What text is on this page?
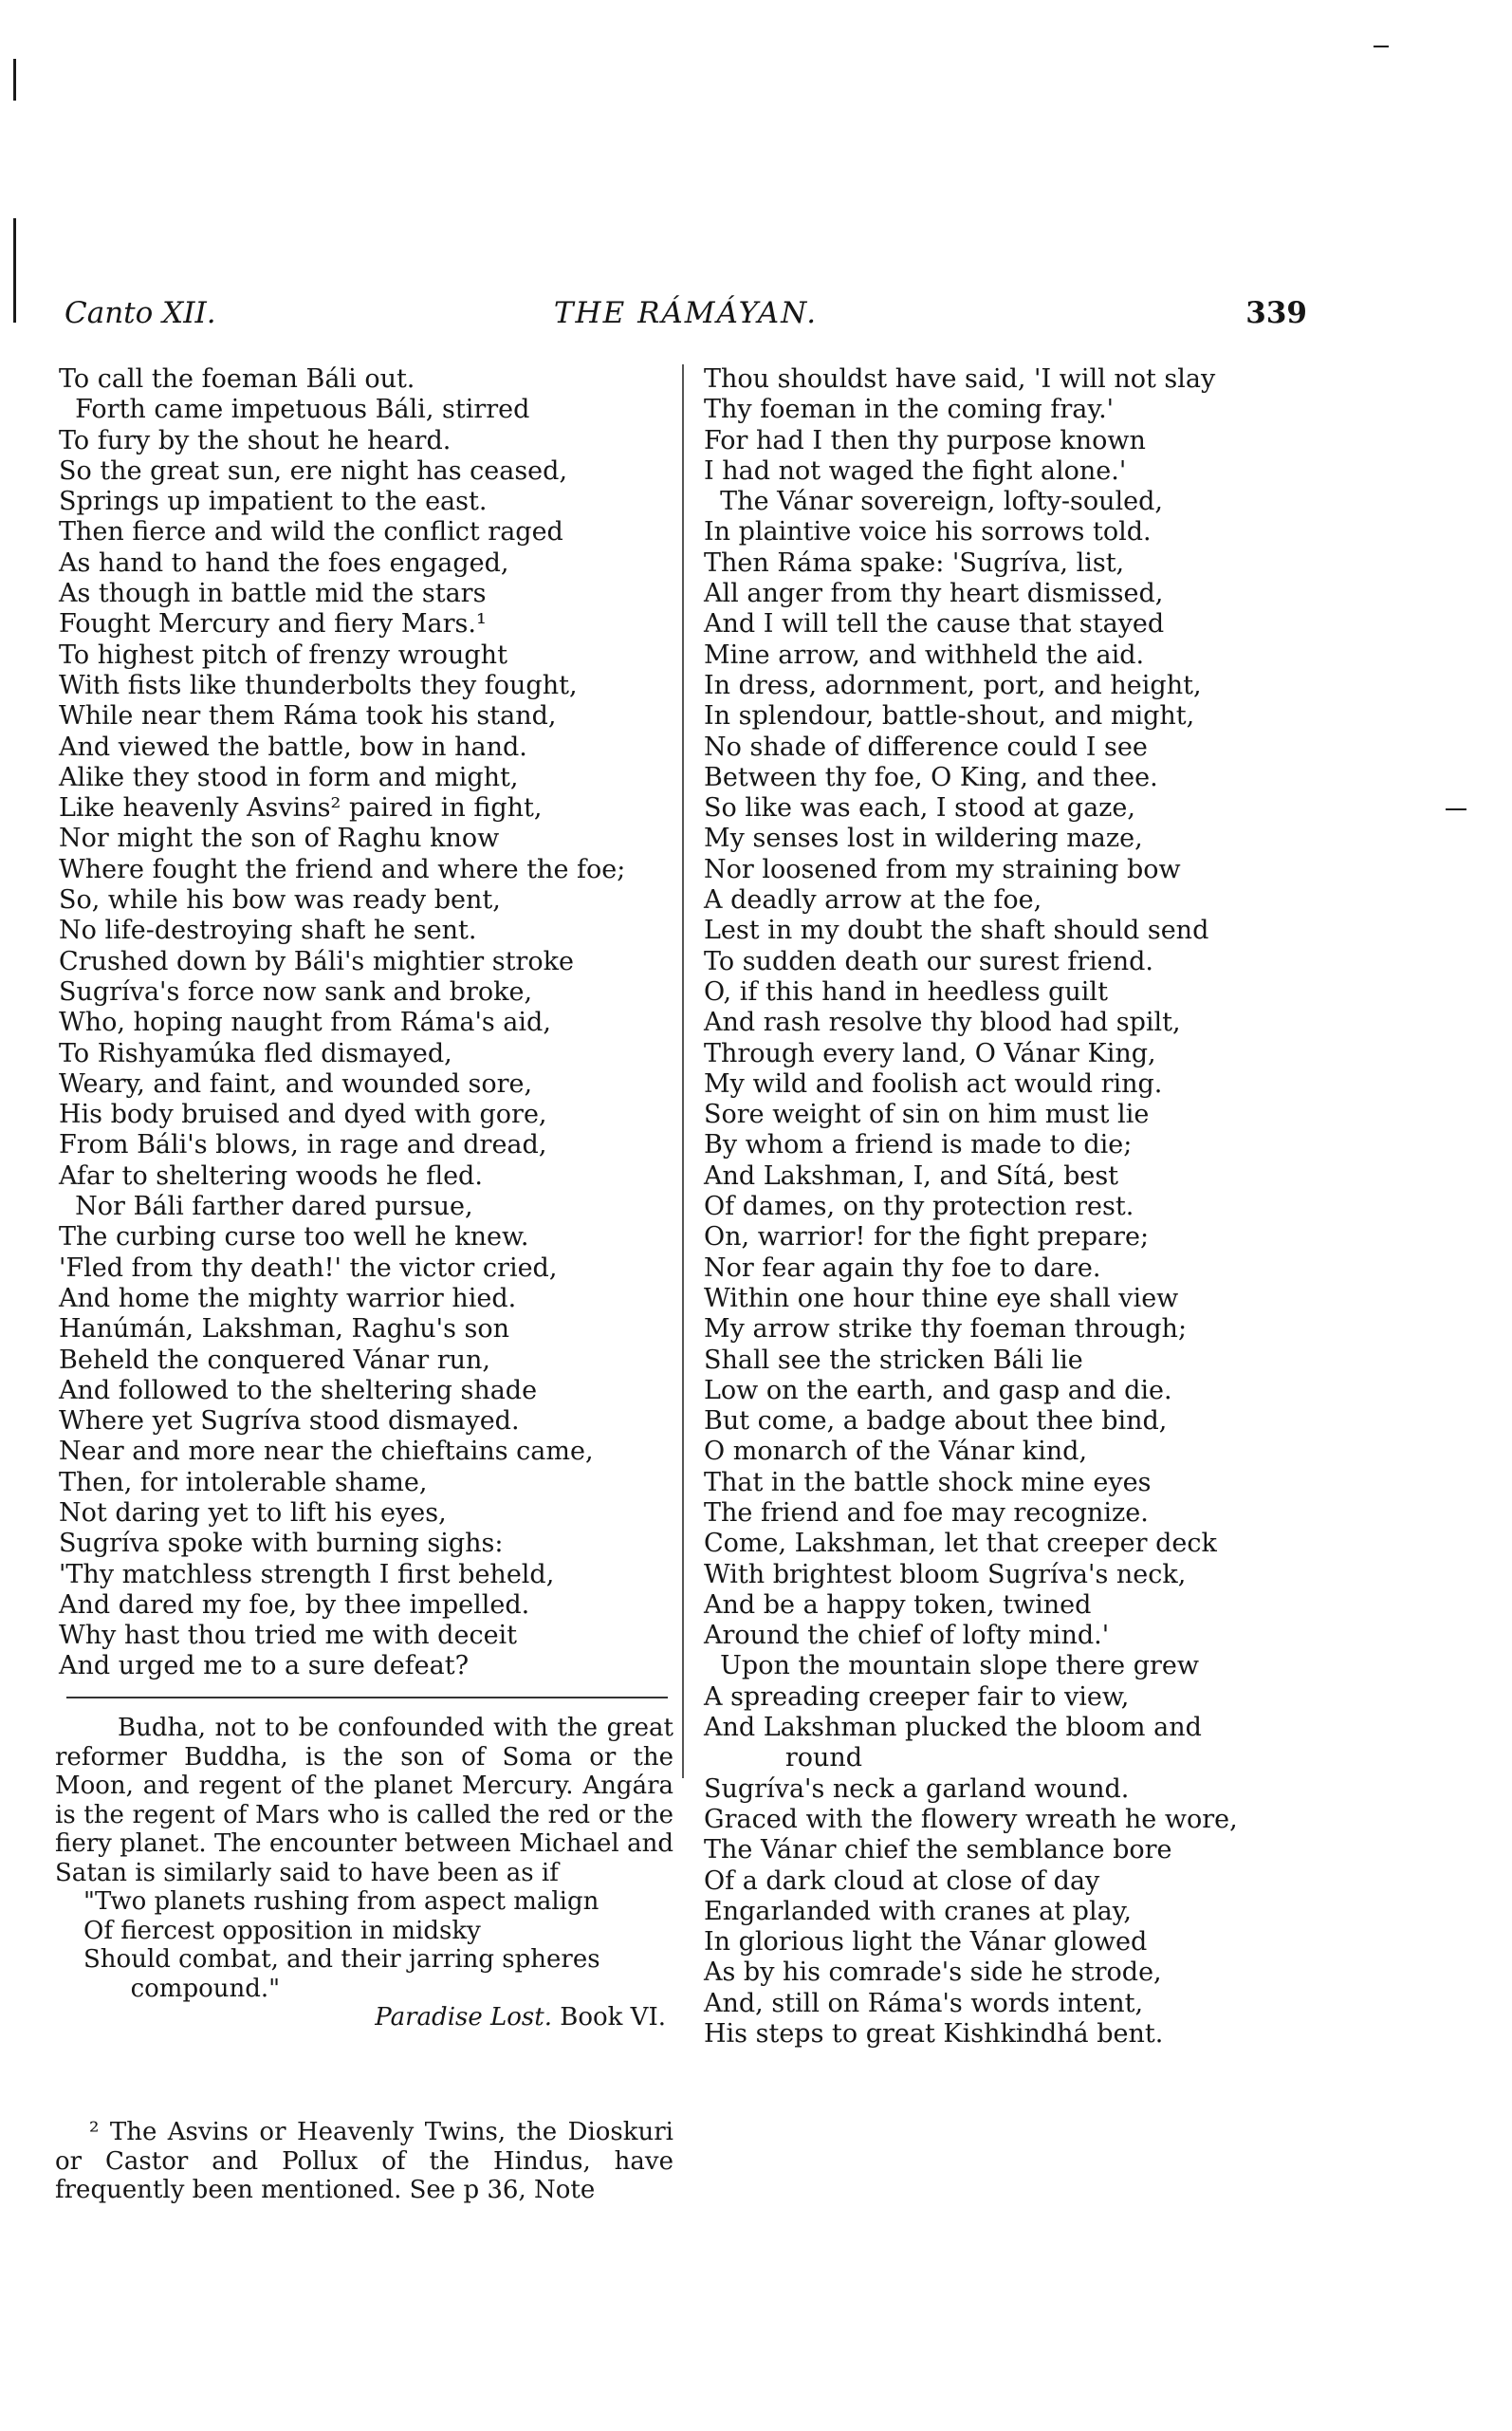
THE RÁMÁYAN.
Canto XII.	339
To call the foeman Báli out.
Forth came impetuous Báli, stirred
To fury by the shout he heard.
So the great sun, ere night has ceased,
Springs up impatient to the east.
Then fierce and wild the conflict raged
As hand to hand the foes engaged,
As though in battle mid the stars
Fought Mercury and fiery Mars.¹
To highest pitch of frenzy wrought
With fists like thunderbolts they fought,
While near them Ráma took his stand,
And viewed the battle, bow in hand.
Alike they stood in form and might,
Like heavenly Asvins² paired in fight,
Nor might the son of Raghu know
Where fought the friend and where the foe;
So, while his bow was ready bent,
No life-destroying shaft he sent.
Crushed down by Báli's mightier stroke
Sugríva's force now sank and broke,
Who, hoping naught from Ráma's aid,
To Rishyamúka fled dismayed,
Weary, and faint, and wounded sore,
His body bruised and dyed with gore,
From Báli's blows, in rage and dread,
Afar to sheltering woods he fled.
Nor Báli farther dared pursue,
The curbing curse too well he knew.
'Fled from thy death!' the victor cried,
And home the mighty warrior hied.
Hanúmán, Lakshman, Raghu's son
Beheld the conquered Vánar run,
And followed to the sheltering shade
Where yet Sugríva stood dismayed.
Near and more near the chieftains came,
Then, for intolerable shame,
Not daring yet to lift his eyes,
Sugríva spoke with burning sighs:
'Thy matchless strength I first beheld,
And dared my foe, by thee impelled.
Why hast thou tried me with deceit
And urged me to a sure defeat?
Thou shouldst have said, 'I will not slay
Thy foeman in the coming fray.'
For had I then thy purpose known
I had not waged the fight alone.'
The Vánar sovereign, lofty-souled,
In plaintive voice his sorrows told.
Then Ráma spake: 'Sugríva, list,
All anger from thy heart dismissed,
And I will tell the cause that stayed
Mine arrow, and withheld the aid.
In dress, adornment, port, and height,
In splendour, battle-shout, and might,
No shade of difference could I see
Between thy foe, O King, and thee.
So like was each, I stood at gaze,
My senses lost in wildering maze,
Nor loosened from my straining bow
A deadly arrow at the foe,
Lest in my doubt the shaft should send
To sudden death our surest friend.
O, if this hand in heedless guilt
And rash resolve thy blood had spilt,
Through every land, O Vánar King,
My wild and foolish act would ring.
Sore weight of sin on him must lie
By whom a friend is made to die;
And Lakshman, I, and Sítá, best
Of dames, on thy protection rest.
On, warrior! for the fight prepare;
Nor fear again thy foe to dare.
Within one hour thine eye shall view
My arrow strike thy foeman through;
Shall see the stricken Báli lie
Low on the earth, and gasp and die.
But come, a badge about thee bind,
O monarch of the Vánar kind,
That in the battle shock mine eyes
The friend and foe may recognize.
Come, Lakshman, let that creeper deck
With brightest bloom Sugríva's neck,
And be a happy token, twined
Around the chief of lofty mind.'
Upon the mountain slope there grew
A spreading creeper fair to view,
And Lakshman plucked the bloom and
round
Sugríva's neck a garland wound.
Graced with the flowery wreath he wore,
The Vánar chief the semblance bore
Of a dark cloud at close of day
Engarlanded with cranes at play,
In glorious light the Vánar glowed
As by his comrade's side he strode,
And, still on Ráma's words intent,
His steps to great Kishkindhá bent.

Budha, not to be confounded with the great reformer Buddha, is the son of Soma or the Moon, and regent of the planet Mercury. Angára is the regent of Mars who is called the red or the fiery planet. The encounter between Michael and Satan is similarly said to have been as if

"Two planets rushing from aspect malign
Of fiercest opposition in midsky
Should combat, and their jarring spheres
compound."
Paradise Lost. Book VI.

² The Asvins or Heavenly Twins, the Dioskuri or Castor and Pollux of the Hindus, have frequently been mentioned. See p 36, Note
